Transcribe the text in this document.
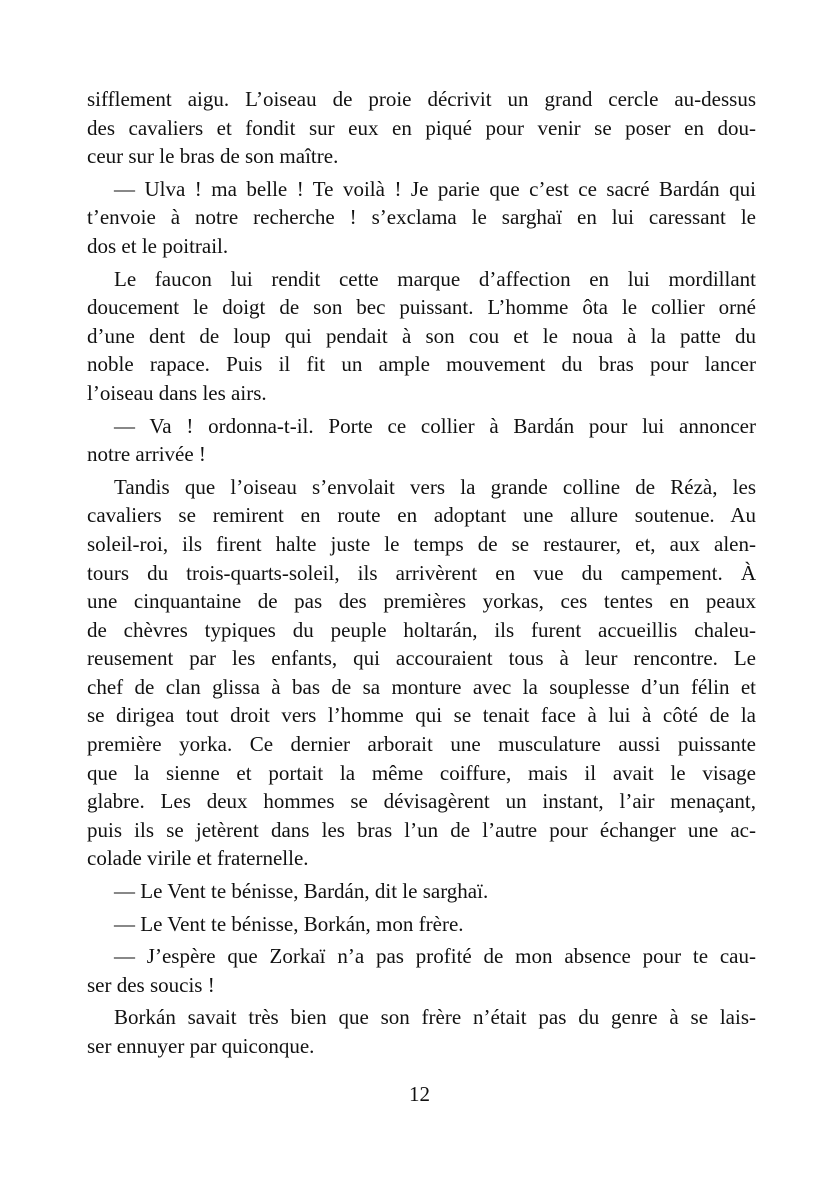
sifflement aigu. L’oiseau de proie décrivit un grand cercle au-dessus
des cavaliers et fondit sur eux en piqué pour venir se poser en dou-
ceur sur le bras de son maître.
— Ulva ! ma belle ! Te voilà ! Je parie que c’est ce sacré Bardán qui
t’envoie à notre recherche ! s’exclama le sarghaï en lui caressant le
dos et le poitrail.
Le faucon lui rendit cette marque d’affection en lui mordillant
doucement le doigt de son bec puissant. L’homme ôta le collier orné
d’une dent de loup qui pendait à son cou et le noua à la patte du
noble rapace. Puis il fit un ample mouvement du bras pour lancer
l’oiseau dans les airs.
— Va ! ordonna-t-il. Porte ce collier à Bardán pour lui annoncer
notre arrivée !
Tandis que l’oiseau s’envolait vers la grande colline de Rézà, les
cavaliers se remirent en route en adoptant une allure soutenue. Au
soleil-roi, ils firent halte juste le temps de se restaurer, et, aux alen-
tours du trois-quarts-soleil, ils arrivèrent en vue du campement. À
une cinquantaine de pas des premières yorkas, ces tentes en peaux
de chèvres typiques du peuple holtarán, ils furent accueillis chaleu-
reusement par les enfants, qui accouraient tous à leur rencontre. Le
chef de clan glissa à bas de sa monture avec la souplesse d’un félin et
se dirigea tout droit vers l’homme qui se tenait face à lui à côté de la
première yorka. Ce dernier arborait une musculature aussi puissante
que la sienne et portait la même coiffure, mais il avait le visage
glabre. Les deux hommes se dévisagèrent un instant, l’air menaçant,
puis ils se jetèrent dans les bras l’un de l’autre pour échanger une ac-
colade virile et fraternelle.
— Le Vent te bénisse, Bardán, dit le sarghaï.
— Le Vent te bénisse, Borkán, mon frère.
— J’espère que Zorkaï n’a pas profité de mon absence pour te cau-
ser des soucis !
Borkán savait très bien que son frère n’était pas du genre à se lais-
ser ennuyer par quiconque.
12
